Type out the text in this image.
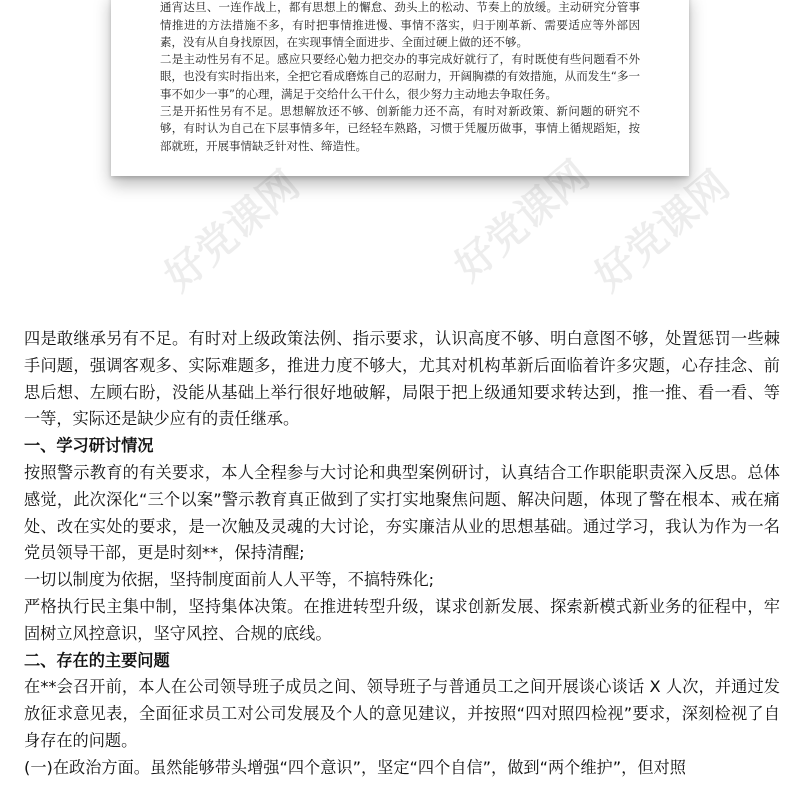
通宵达旦、一连作战上，都有思想上的懈怠、劲头上的松动、节奏上的放缓。主动研究分管事情推进的方法措施不多，有时把事情推进慢、事情不落实，归于刚革新、需要适应等外部因素，没有从自身找原因，在实现事情全面进步、全面过硬上做的还不够。

二是主动性另有不足。感应只要经心勉力把交办的事完成好就行了，有时既使有些问题看不外眼，也没有实时指出来，全把它看成磨炼自己的忍耐力，开阔胸襟的有效措施，从而发生“多一事不如少一事”的心理，满足于交给什么干什么，很少努力主动地去争取任务。

三是开拓性另有不足。思想解放还不够、创新能力还不高，有时对新政策、新问题的研究不够，有时认为自己在下层事情多年，已经轻车熟路，习惯于凭履历做事，事情上循规蹈矩，按部就班，开展事情缺乏针对性、缔造性。

好党课网	好党课网
好党课网

四是敢继承另有不足。有时对上级政策法例、指示要求，认识高度不够、明白意图不够，处置惩罚一些棘手问题，强调客观多、实际难题多，推进力度不够大，尤其对机构革新后面临着许多灾题，心存挂念、前思后想、左顾右盼，没能从基础上举行很好地破解，局限于把上级通知要求转达到，推一推、看一看、等一等，实际还是缺少应有的责任继承。

一、学习研讨情况

按照警示教育的有关要求，本人全程参与大讨论和典型案例研讨，认真结合工作职能职责深入反思。总体感觉，此次深化“三个以案”警示教育真正做到了实打实地聚焦问题、解决问题，体现了警在根本、戒在痛处、改在实处的要求，是一次触及灵魂的大讨论，夯实廉洁从业的思想基础。通过学习，我认为作为一名党员领导干部，更是时刻**，保持清醒;

一切以制度为依据，坚持制度面前人人平等，不搞特殊化;

严格执行民主集中制，坚持集体决策。在推进转型升级，谋求创新发展、探索新模式新业务的征程中，牢固树立风控意识，坚守风控、合规的底线。

二、存在的主要问题

在**会召开前，本人在公司领导班子成员之间、领导班子与普通员工之间开展谈心谈话 X 人次，并通过发放征求意见表，全面征求员工对公司发展及个人的意见建议，并按照“四对照四检视”要求，深刻检视了自身存在的问题。

(一)在政治方面。虽然能够带头增强“四个意识”，坚定“四个自信”，做到“两个维护”，但对照
